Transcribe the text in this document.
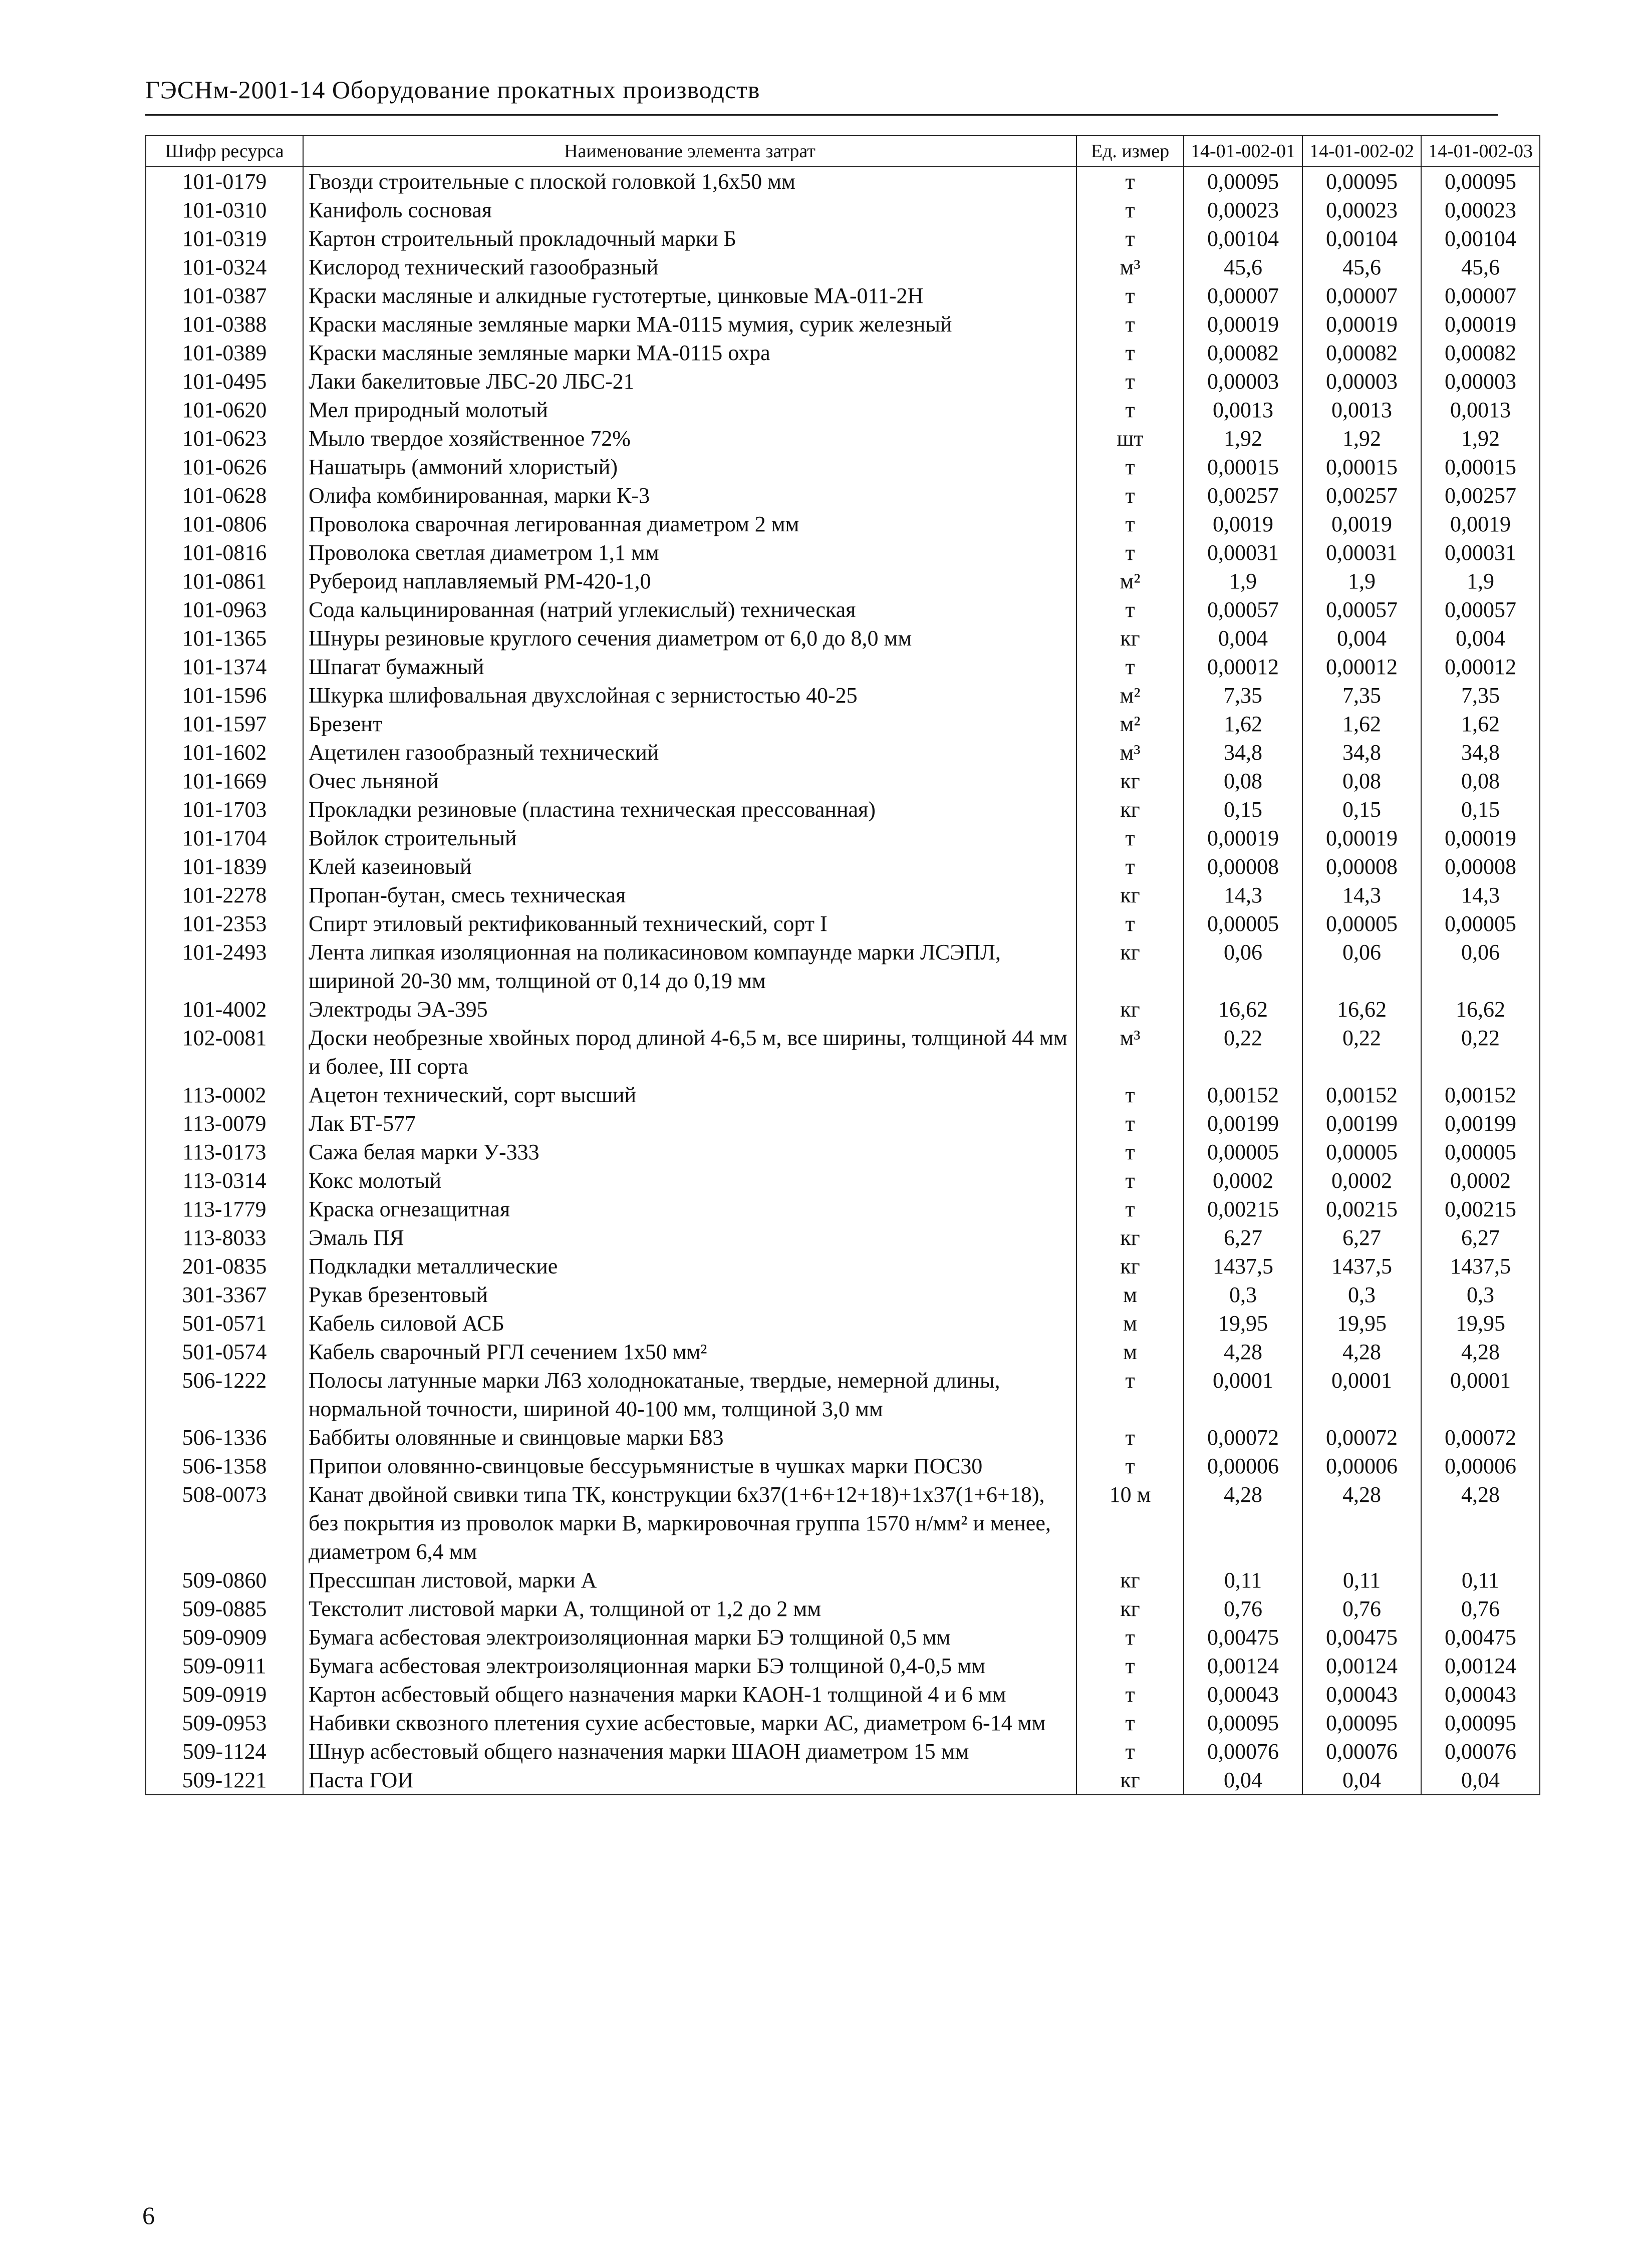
ГЭСНм-2001-14 Оборудование прокатных производств
Шифр ресурса	Наименование элемента затрат	Ед. измер	14-01-002-01	14-01-002-02	14-01-002-03
101-0179	Гвозди строительные с плоской головкой 1,6х50 мм	т	0,00095	0,00095	0,00095
101-0310	Канифоль сосновая	т	0,00023	0,00023	0,00023
101-0319	Картон строительный прокладочный марки Б	т	0,00104	0,00104	0,00104
101-0324	Кислород технический газообразный	м³	45,6	45,6	45,6
101-0387	Краски масляные и алкидные густотертые, цинковые МА-011-2Н	т	0,00007	0,00007	0,00007
101-0388	Краски масляные земляные марки МА-0115 мумия, сурик железный	т	0,00019	0,00019	0,00019
101-0389	Краски масляные земляные марки МА-0115 охра	т	0,00082	0,00082	0,00082
101-0495	Лаки бакелитовые ЛБС-20 ЛБС-21	т	0,00003	0,00003	0,00003
101-0620	Мел природный молотый	т	0,0013	0,0013	0,0013
101-0623	Мыло твердое хозяйственное 72%	шт	1,92	1,92	1,92
101-0626	Нашатырь (аммоний хлористый)	т	0,00015	0,00015	0,00015
101-0628	Олифа комбинированная, марки К-3	т	0,00257	0,00257	0,00257
101-0806	Проволока сварочная легированная диаметром 2 мм	т	0,0019	0,0019	0,0019
101-0816	Проволока светлая диаметром 1,1 мм	т	0,00031	0,00031	0,00031
101-0861	Рубероид наплавляемый РМ-420-1,0	м²	1,9	1,9	1,9
101-0963	Сода кальцинированная (натрий углекислый) техническая	т	0,00057	0,00057	0,00057
101-1365	Шнуры резиновые круглого сечения диаметром от 6,0 до 8,0 мм	кг	0,004	0,004	0,004
101-1374	Шпагат бумажный	т	0,00012	0,00012	0,00012
101-1596	Шкурка шлифовальная двухслойная с зернистостью 40-25	м²	7,35	7,35	7,35
101-1597	Брезент	м²	1,62	1,62	1,62
101-1602	Ацетилен газообразный технический	м³	34,8	34,8	34,8
101-1669	Очес льняной	кг	0,08	0,08	0,08
101-1703	Прокладки резиновые (пластина техническая прессованная)	кг	0,15	0,15	0,15
101-1704	Войлок строительный	т	0,00019	0,00019	0,00019
101-1839	Клей казеиновый	т	0,00008	0,00008	0,00008
101-2278	Пропан-бутан, смесь техническая	кг	14,3	14,3	14,3
101-2353	Спирт этиловый ректификованный технический, сорт I	т	0,00005	0,00005	0,00005
101-2493	Лента липкая изоляционная на поликасиновом компаунде марки ЛСЭПЛ, шириной 20-30 мм, толщиной от 0,14 до 0,19 мм	кг	0,06	0,06	0,06
101-4002	Электроды ЭА-395	кг	16,62	16,62	16,62
102-0081	Доски необрезные хвойных пород длиной 4-6,5 м, все ширины, толщиной 44 мм и более, III сорта	м³	0,22	0,22	0,22
113-0002	Ацетон технический, сорт высший	т	0,00152	0,00152	0,00152
113-0079	Лак БТ-577	т	0,00199	0,00199	0,00199
113-0173	Сажа белая марки У-333	т	0,00005	0,00005	0,00005
113-0314	Кокс молотый	т	0,0002	0,0002	0,0002
113-1779	Краска огнезащитная	т	0,00215	0,00215	0,00215
113-8033	Эмаль ПЯ	кг	6,27	6,27	6,27
201-0835	Подкладки металлические	кг	1437,5	1437,5	1437,5
301-3367	Рукав брезентовый	м	0,3	0,3	0,3
501-0571	Кабель силовой АСБ	м	19,95	19,95	19,95
501-0574	Кабель сварочный РГЛ сечением 1х50 мм²	м	4,28	4,28	4,28
506-1222	Полосы латунные марки Л63 холоднокатаные, твердые, немерной длины, нормальной точности, шириной 40-100 мм, толщиной 3,0 мм	т	0,0001	0,0001	0,0001
506-1336	Баббиты оловянные и свинцовые марки Б83	т	0,00072	0,00072	0,00072
506-1358	Припои оловянно-свинцовые бессурьмянистые в чушках марки ПОС30	т	0,00006	0,00006	0,00006
508-0073	Канат двойной свивки типа ТК, конструкции 6х37(1+6+12+18)+1х37(1+6+18), без покрытия из проволок марки В, маркировочная группа 1570 н/мм² и менее, диаметром 6,4 мм	10 м	4,28	4,28	4,28
509-0860	Прессшпан листовой, марки А	кг	0,11	0,11	0,11
509-0885	Текстолит листовой марки А, толщиной от 1,2 до 2 мм	кг	0,76	0,76	0,76
509-0909	Бумага асбестовая электроизоляционная марки БЭ толщиной 0,5 мм	т	0,00475	0,00475	0,00475
509-0911	Бумага асбестовая электроизоляционная марки БЭ толщиной 0,4-0,5 мм	т	0,00124	0,00124	0,00124
509-0919	Картон асбестовый общего назначения марки КАОН-1 толщиной 4 и 6 мм	т	0,00043	0,00043	0,00043
509-0953	Набивки сквозного плетения сухие асбестовые, марки АС, диаметром 6-14 мм	т	0,00095	0,00095	0,00095
509-1124	Шнур асбестовый общего назначения марки ШАОН диаметром 15 мм	т	0,00076	0,00076	0,00076
509-1221	Паста ГОИ	кг	0,04	0,04	0,04
6
